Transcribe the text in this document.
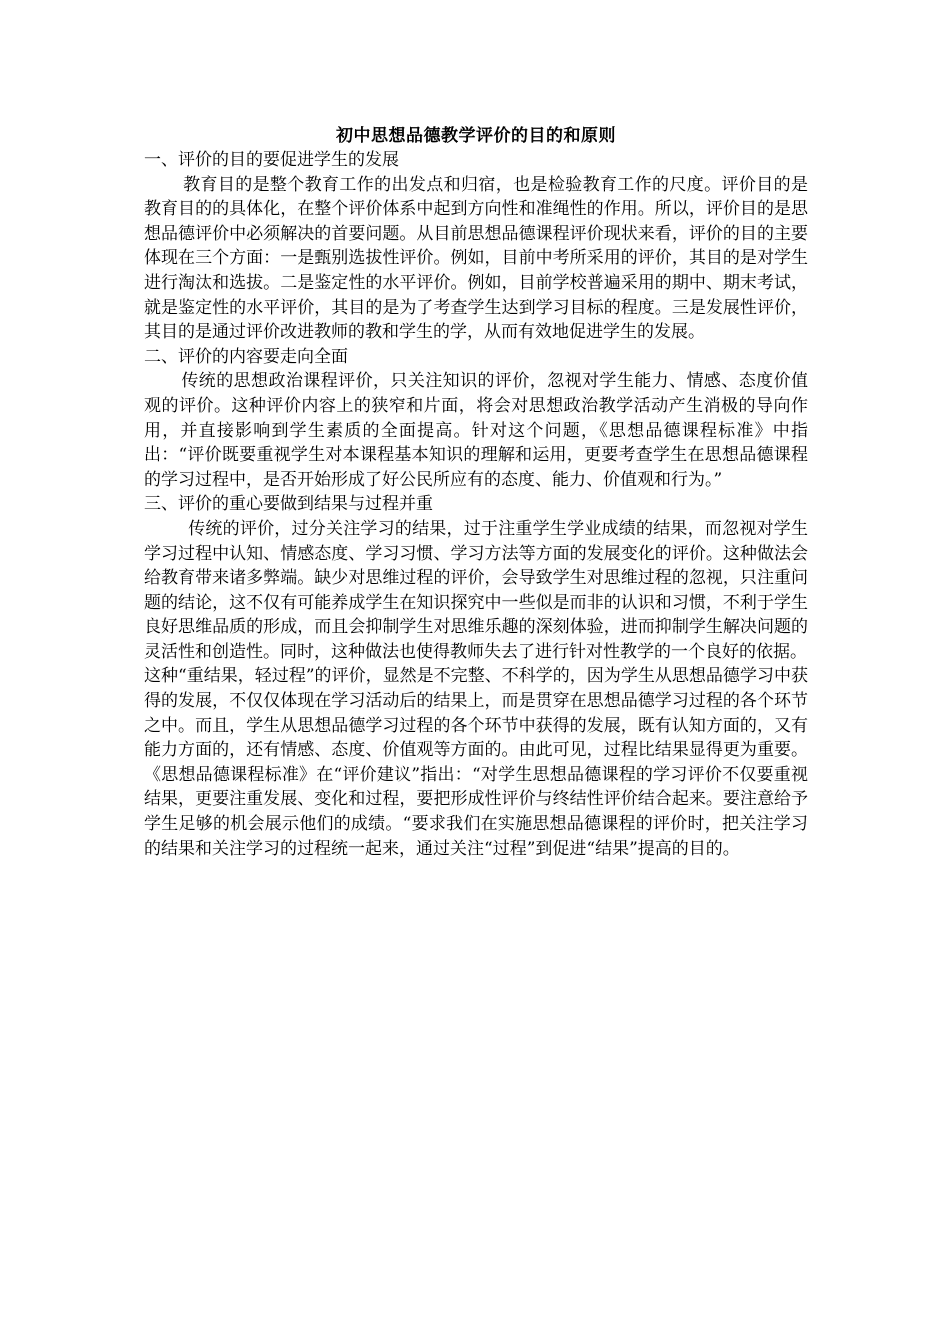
初中思想品德教学评价的目的和原则

一、评价的目的要促进学生的发展

教育目的是整个教育工作的出发点和归宿，也是检验教育工作的尺度。评价目的是教育目的的具体化，在整个评价体系中起到方向性和准绳性的作用。所以，评价目的是思想品德评价中必须解决的首要问题。从目前思想品德课程评价现状来看，评价的目的主要体现在三个方面：一是甄别选拔性评价。例如，目前中考所采用的评价，其目的是对学生进行淘汰和选拔。二是鉴定性的水平评价。例如，目前学校普遍采用的期中、期末考试，就是鉴定性的水平评价，其目的是为了考查学生达到学习目标的程度。三是发展性评价，其目的是通过评价改进教师的教和学生的学，从而有效地促进学生的发展。

二、评价的内容要走向全面

传统的思想政治课程评价，只关注知识的评价，忽视对学生能力、情感、态度价值观的评价。这种评价内容上的狭窄和片面，将会对思想政治教学活动产生消极的导向作用，并直接影响到学生素质的全面提高。针对这个问题，《思想品德课程标准》中指出：“评价既要重视学生对本课程基本知识的理解和运用，更要考查学生在思想品德课程的学习过程中，是否开始形成了好公民所应有的态度、能力、价值观和行为。”

三、评价的重心要做到结果与过程并重

传统的评价，过分关注学习的结果，过于注重学生学业成绩的结果，而忽视对学生学习过程中认知、情感态度、学习习惯、学习方法等方面的发展变化的评价。这种做法会给教育带来诸多弊端。缺少对思维过程的评价，会导致学生对思维过程的忽视，只注重问题的结论，这不仅有可能养成学生在知识探究中一些似是而非的认识和习惯，不利于学生良好思维品质的形成，而且会抑制学生对思维乐趣的深刻体验，进而抑制学生解决问题的灵活性和创造性。同时，这种做法也使得教师失去了进行针对性教学的一个良好的依据。

这种“重结果，轻过程”的评价，显然是不完整、不科学的，因为学生从思想品德学习中获得的发展，不仅仅体现在学习活动后的结果上，而是贯穿在思想品德学习过程的各个环节之中。而且，学生从思想品德学习过程的各个环节中获得的发展，既有认知方面的，又有能力方面的，还有情感、态度、价值观等方面的。由此可见，过程比结果显得更为重要。《思想品德课程标准》在“评价建议”指出：“对学生思想品德课程的学习评价不仅要重视结果，更要注重发展、变化和过程，要把形成性评价与终结性评价结合起来。要注意给予学生足够的机会展示他们的成绩。“要求我们在实施思想品德课程的评价时，把关注学习的结果和关注学习的过程统一起来，通过关注“过程”到促进“结果”提高的目的。
